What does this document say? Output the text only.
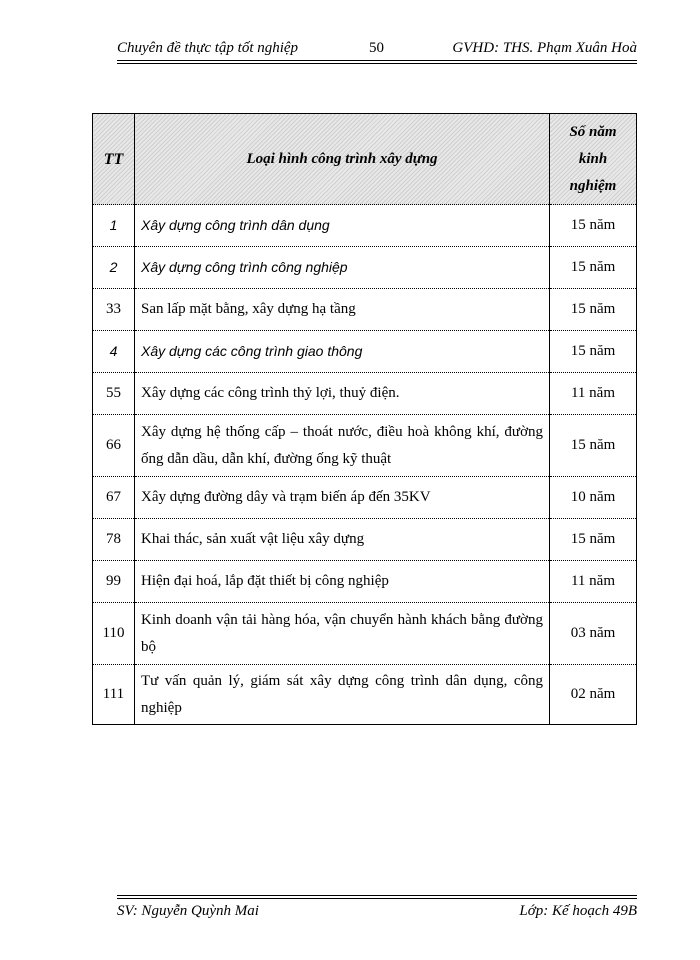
Chuyên đề thực tập tốt nghiệp	50	GVHD: THS. Phạm Xuân Hoà
TT	Loại hình công trình xây dựng	Số năm kinh nghiệm
1	Xây dựng công trình dân dụng	15 năm
2	Xây dựng công trình công nghiệp	15 năm
33	San lấp mặt bằng, xây dựng hạ tầng	15 năm
4	Xây dựng các công trình giao thông	15 năm
55	Xây dựng các công trình thỷ lợi, thuỷ điện.	11 năm
66	Xây dựng hệ thống cấp – thoát nước, điều hoà không khí, đường ống dẫn dầu, dẫn khí, đường ống kỹ thuật	15 năm
67	Xây dựng đường dây và trạm biến áp đến 35KV	10 năm
78	Khai thác, sản xuất vật liệu xây dựng	15 năm
99	Hiện đại hoá, lắp đặt thiết bị công nghiệp	11 năm
110	Kinh doanh vận tải hàng hóa, vận chuyển hành khách bằng đường bộ	03 năm
111	Tư vấn quản lý, giám sát xây dựng công trình dân dụng, công nghiệp	02 năm
SV: Nguyễn Quỳnh Mai	Lớp: Kế hoạch 49B
